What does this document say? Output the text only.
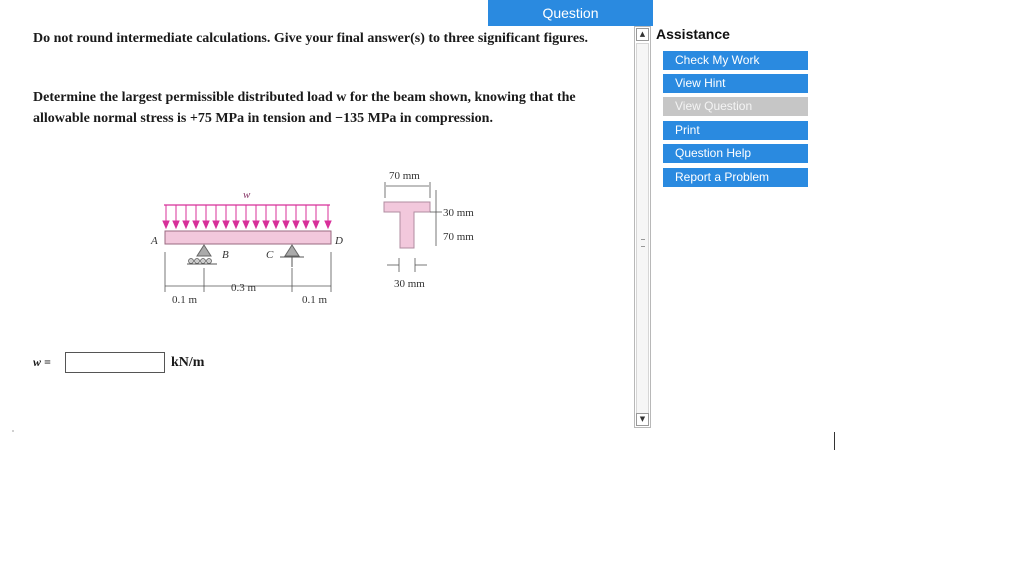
Question
Do not round intermediate calculations. Give your final answer(s) to three significant figures.
Determine the largest permissible distributed load w for the beam shown, knowing that the allowable normal stress is +75 MPa in tension and −135 MPa in compression.
w
A	D
B	C
0.1 m
0.3 m
0.1 m
70 mm
30 mm
70 mm
30 mm
w =	kN/m
▲
▼
Assistance
Check My Work
View Hint
View Question
Print
Question Help
Report a Problem
